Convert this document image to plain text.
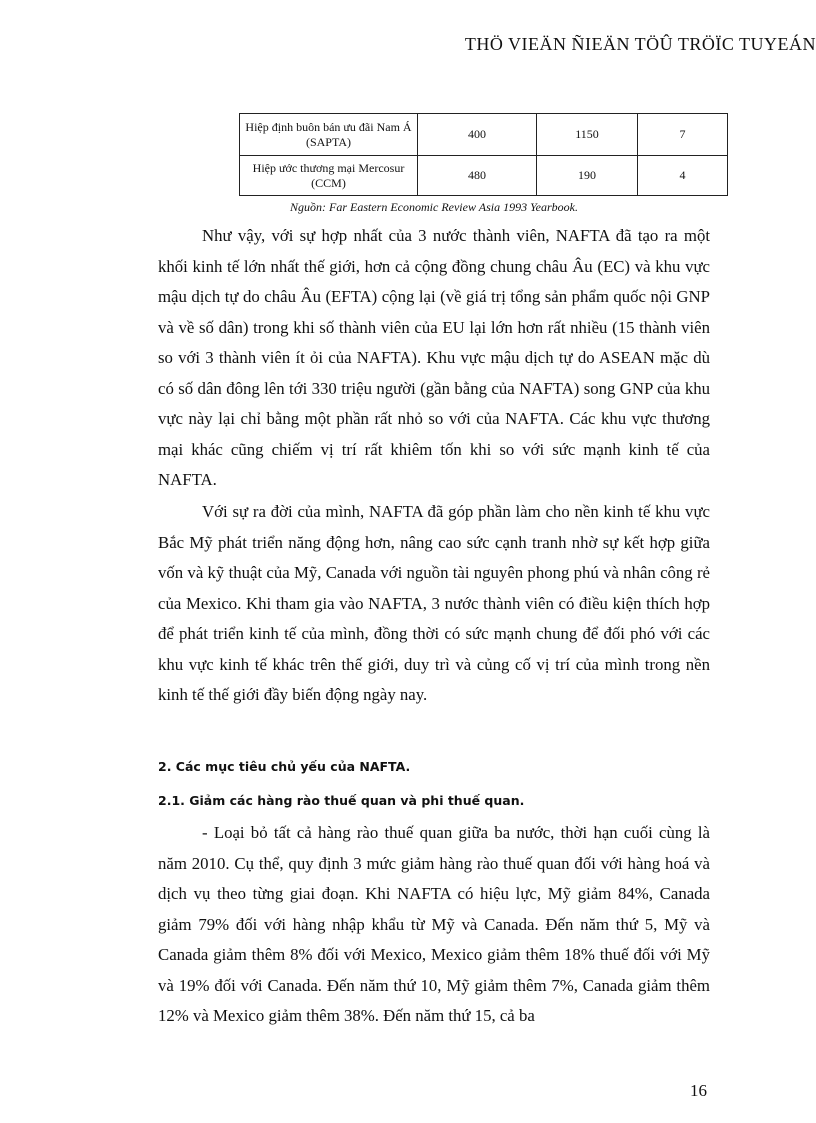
THÖ VIEÄN ÑIEÄN TÖÛ TRÖÏC TUYEÁN
Hiệp định buôn bán ưu đãi Nam Á (SAPTA)	400	1150	7
Hiệp ước thương mại Mercosur (CCM)	480	190	4
Nguồn: Far Eastern Economic Review Asia 1993 Yearbook.

Như vậy, với sự hợp nhất của 3 nước thành viên, NAFTA đã tạo ra một khối kinh tế lớn nhất thế giới, hơn cả cộng đồng chung châu Âu (EC) và khu vực mậu dịch tự do châu Âu (EFTA) cộng lại (về giá trị tổng sản phẩm quốc nội GNP và về số dân) trong khi số thành viên của EU lại lớn hơn rất nhiều (15 thành viên so với 3 thành viên ít ỏi của NAFTA). Khu vực mậu dịch tự do ASEAN mặc dù có số dân đông lên tới 330 triệu người (gần bằng của NAFTA) song GNP của khu vực này lại chỉ bằng một phần rất nhỏ so với của NAFTA. Các khu vực thương mại khác cũng chiếm vị trí rất khiêm tốn khi so với sức mạnh kinh tế của NAFTA.

Với sự ra đời của mình, NAFTA đã góp phần làm cho nền kinh tế khu vực Bắc Mỹ phát triển năng động hơn, nâng cao sức cạnh tranh nhờ sự kết hợp giữa vốn và kỹ thuật của Mỹ, Canada với nguồn tài nguyên phong phú và nhân công rẻ của Mexico. Khi tham gia vào NAFTA, 3 nước thành viên có điều kiện thích hợp để phát triển kinh tế của mình, đồng thời có sức mạnh chung để đối phó với các khu vực kinh tế khác trên thế giới, duy trì và củng cố vị trí của mình trong nền kinh tế thế giới đầy biến động ngày nay.

2. Các mục tiêu chủ yếu của NAFTA.
2.1. Giảm các hàng rào thuế quan và phi thuế quan.

- Loại bỏ tất cả hàng rào thuế quan giữa ba nước, thời hạn cuối cùng là năm 2010. Cụ thể, quy định 3 mức giảm hàng rào thuế quan đối với hàng hoá và dịch vụ theo từng giai đoạn. Khi NAFTA có hiệu lực, Mỹ giảm 84%, Canada giảm 79% đối với hàng nhập khẩu từ Mỹ và Canada. Đến năm thứ 5, Mỹ và Canada giảm thêm 8% đối với Mexico, Mexico giảm thêm 18% thuế đối với Mỹ và 19% đối với Canada. Đến năm thứ 10, Mỹ giảm thêm 7%, Canada giảm thêm 12% và Mexico giảm thêm 38%. Đến năm thứ 15, cả ba

16
